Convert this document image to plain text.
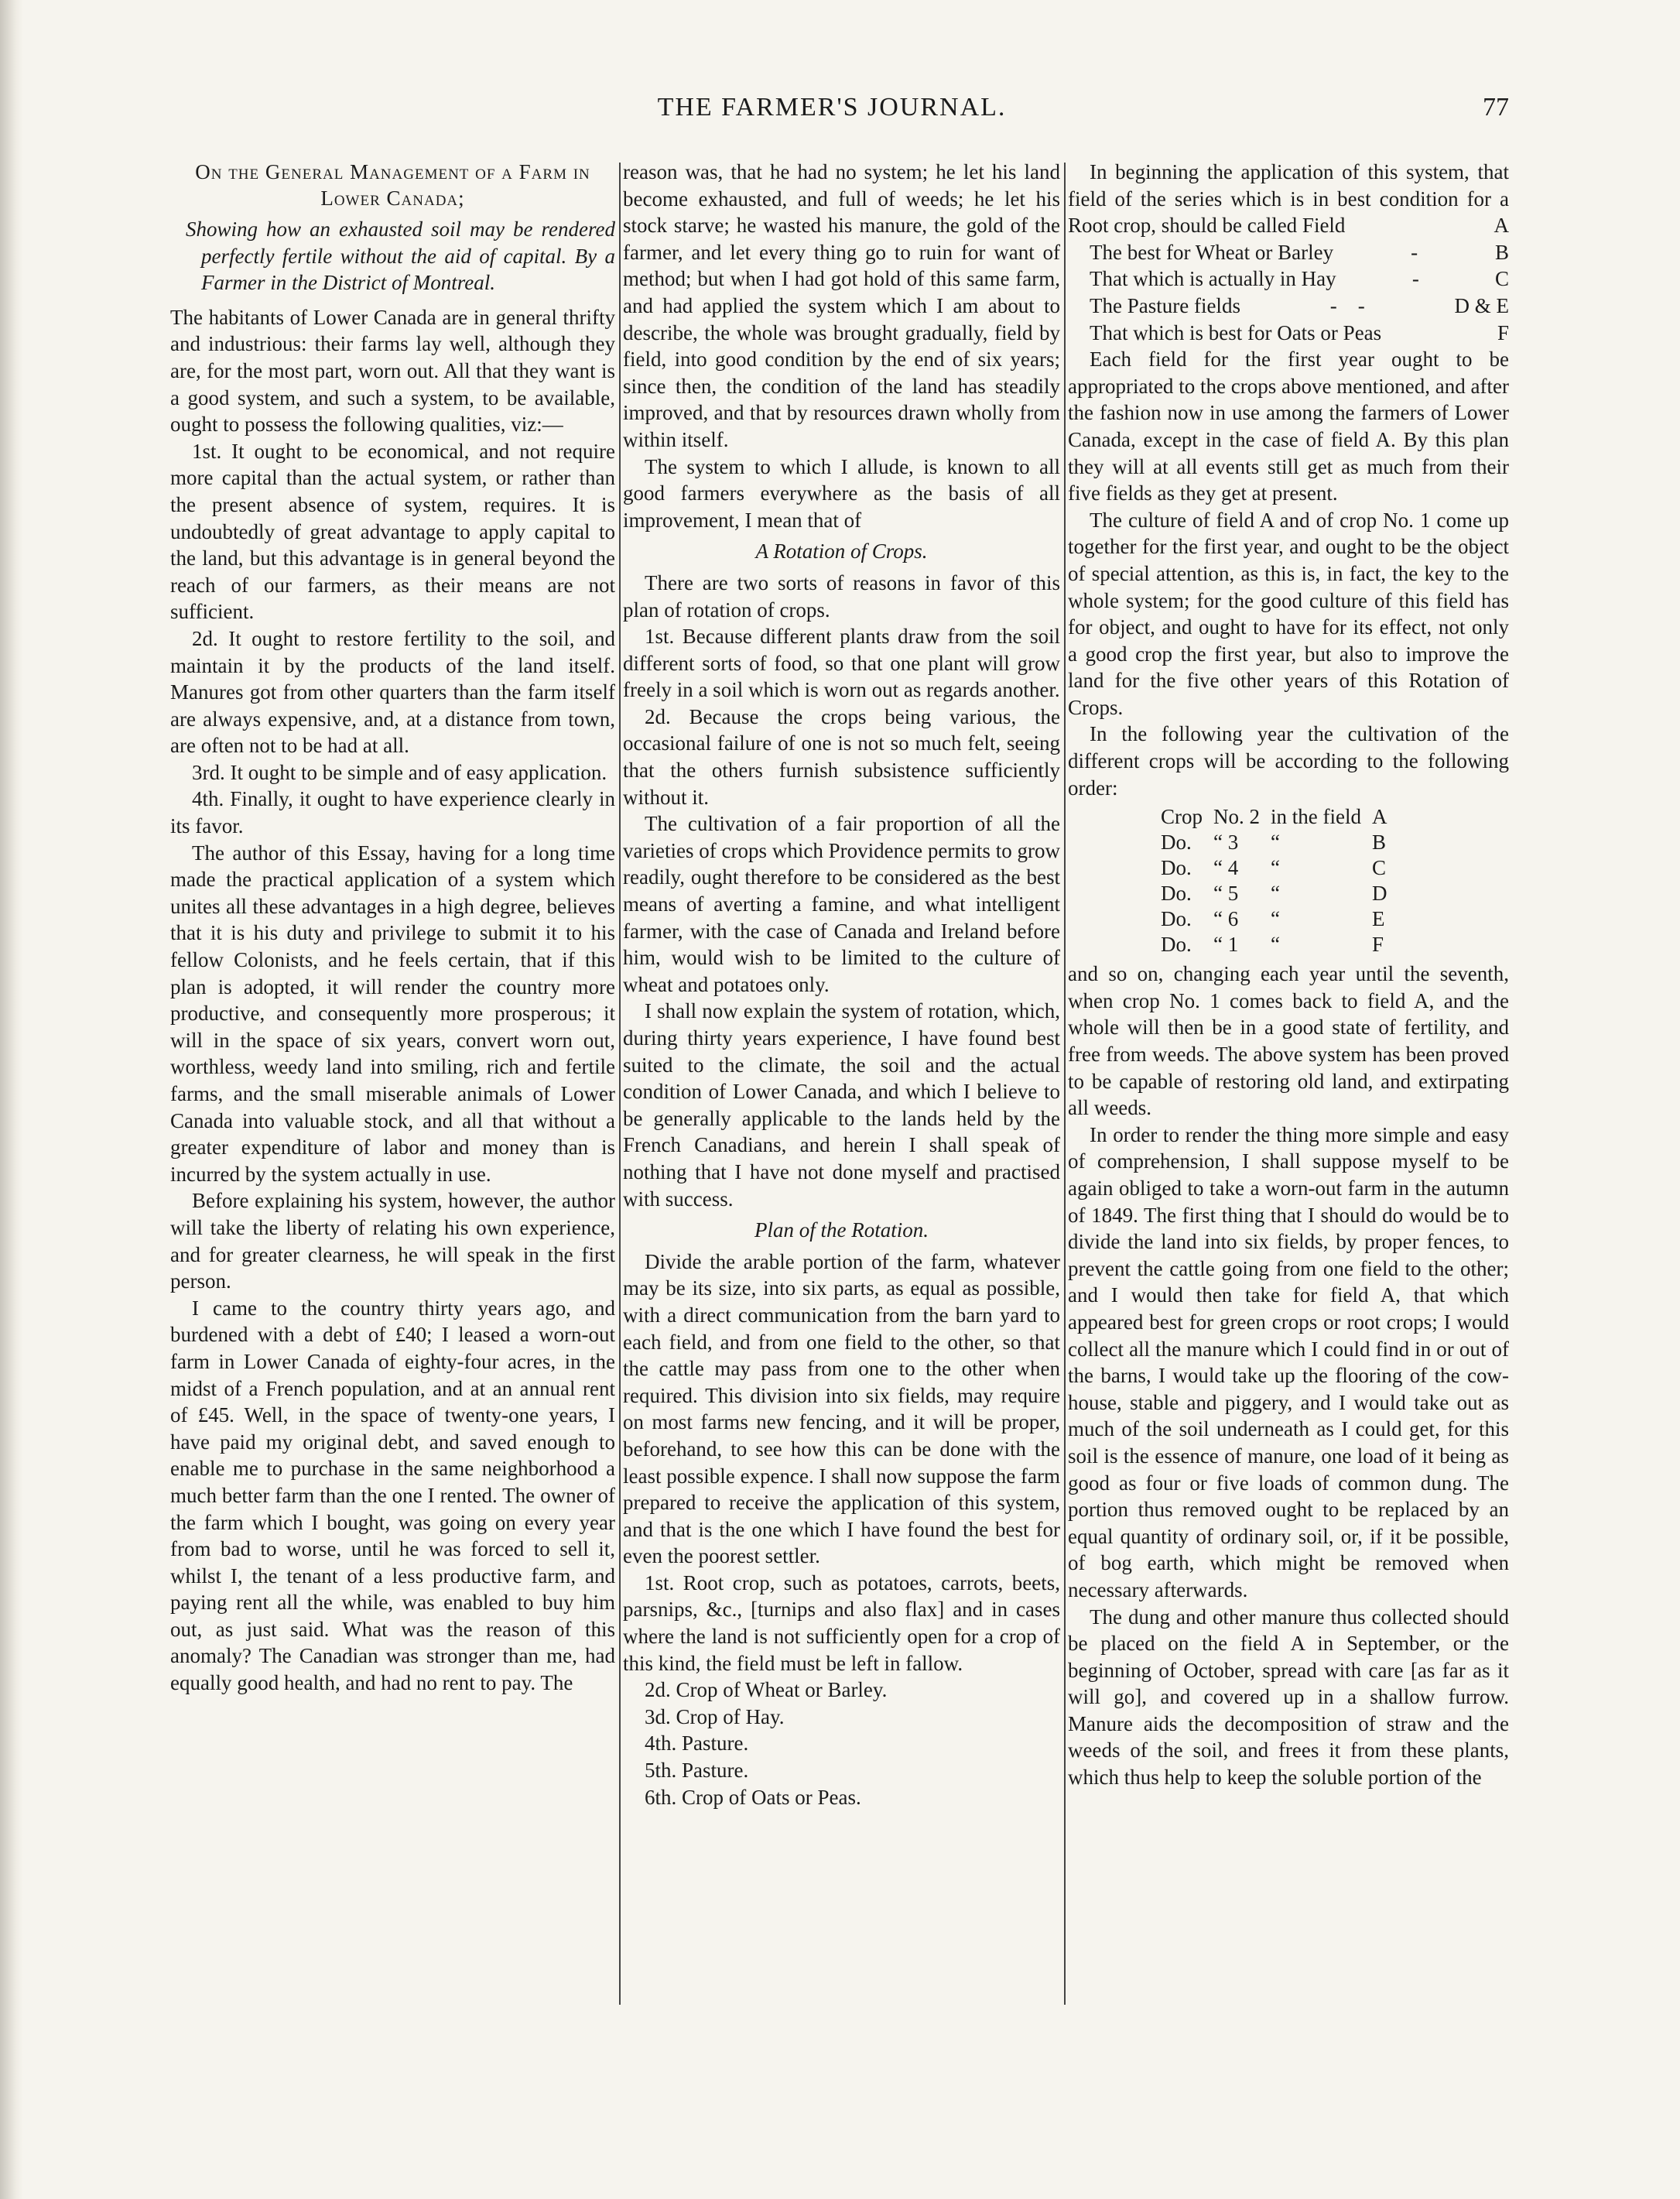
THE FARMER'S JOURNAL.	77

On the General Management of a Farm in Lower Canada;

Showing how an exhausted soil may be rendered perfectly fertile without the aid of capital. By a Farmer in the District of Montreal.

The habitants of Lower Canada are in general thrifty and industrious: their farms lay well, although they are, for the most part, worn out. All that they want is a good system, and such a system, to be available, ought to possess the following qualities, viz:—

1st. It ought to be economical, and not require more capital than the actual system, or rather than the present absence of system, requires. It is undoubtedly of great advantage to apply capital to the land, but this advantage is in general beyond the reach of our farmers, as their means are not sufficient.

2d. It ought to restore fertility to the soil, and maintain it by the products of the land itself. Manures got from other quarters than the farm itself are always expensive, and, at a distance from town, are often not to be had at all.

3rd. It ought to be simple and of easy application.

4th. Finally, it ought to have experience clearly in its favor.

The author of this Essay, having for a long time made the practical application of a system which unites all these advantages in a high degree, believes that it is his duty and privilege to submit it to his fellow Colonists, and he feels certain, that if this plan is adopted, it will render the country more productive, and consequently more prosperous; it will in the space of six years, convert worn out, worthless, weedy land into smiling, rich and fertile farms, and the small miserable animals of Lower Canada into valuable stock, and all that without a greater expenditure of labor and money than is incurred by the system actually in use.

Before explaining his system, however, the author will take the liberty of relating his own experience, and for greater clearness, he will speak in the first person.

I came to the country thirty years ago, and burdened with a debt of £40; I leased a worn-out farm in Lower Canada of eighty-four acres, in the midst of a French population, and at an annual rent of £45. Well, in the space of twenty-one years, I have paid my original debt, and saved enough to enable me to purchase in the same neighborhood a much better farm than the one I rented. The owner of the farm which I bought, was going on every year from bad to worse, until he was forced to sell it, whilst I, the tenant of a less productive farm, and paying rent all the while, was enabled to buy him out, as just said. What was the reason of this anomaly? The Canadian was stronger than me, had equally good health, and had no rent to pay. The

reason was, that he had no system; he let his land become exhausted, and full of weeds; he let his stock starve; he wasted his manure, the gold of the farmer, and let every thing go to ruin for want of method; but when I had got hold of this same farm, and had applied the system which I am about to describe, the whole was brought gradually, field by field, into good condition by the end of six years; since then, the condition of the land has steadily improved, and that by resources drawn wholly from within itself.

The system to which I allude, is known to all good farmers everywhere as the basis of all improvement, I mean that of

A Rotation of Crops.

There are two sorts of reasons in favor of this plan of rotation of crops.

1st. Because different plants draw from the soil different sorts of food, so that one plant will grow freely in a soil which is worn out as regards another.

2d. Because the crops being various, the occasional failure of one is not so much felt, seeing that the others furnish subsistence sufficiently without it.

The cultivation of a fair proportion of all the varieties of crops which Providence permits to grow readily, ought therefore to be considered as the best means of averting a famine, and what intelligent farmer, with the case of Canada and Ireland before him, would wish to be limited to the culture of wheat and potatoes only.

I shall now explain the system of rotation, which, during thirty years experience, I have found best suited to the climate, the soil and the actual condition of Lower Canada, and which I believe to be generally applicable to the lands held by the French Canadians, and herein I shall speak of nothing that I have not done myself and practised with success.

Plan of the Rotation.

Divide the arable portion of the farm, whatever may be its size, into six parts, as equal as possible, with a direct communication from the barn yard to each field, and from one field to the other, so that the cattle may pass from one to the other when required. This division into six fields, may require on most farms new fencing, and it will be proper, beforehand, to see how this can be done with the least possible expence. I shall now suppose the farm prepared to receive the application of this system, and that is the one which I have found the best for even the poorest settler.

1st. Root crop, such as potatoes, carrots, beets, parsnips, &c., [turnips and also flax] and in cases where the land is not sufficiently open for a crop of this kind, the field must be left in fallow.

2d. Crop of Wheat or Barley.

3d. Crop of Hay.

4th. Pasture.

5th. Pasture.

6th. Crop of Oats or Peas.

In beginning the application of this system, that field of the series which is in best condition for a Root crop, should be called Field	A

The best for Wheat or Barley	-	B
That which is actually in Hay	-	C
The Pasture fields	-    -	D & E
That which is best for Oats or Peas	F

Each field for the first year ought to be appropriated to the crops above mentioned, and after the fashion now in use among the farmers of Lower Canada, except in the case of field A. By this plan they will at all events still get as much from their five fields as they get at present.

The culture of field A and of crop No. 1 come up together for the first year, and ought to be the object of special attention, as this is, in fact, the key to the whole system; for the good culture of this field has for object, and ought to have for its effect, not only a good crop the first year, but also to improve the land for the five other years of this Rotation of Crops.

In the following year the cultivation of the different crops will be according to the following order:

Crop	No. 2	in the field	A
Do.	“ 3	“	B
Do.	“ 4	“	C
Do.	“ 5	“	D
Do.	“ 6	“	E
Do.	“ 1	“	F

and so on, changing each year until the seventh, when crop No. 1 comes back to field A, and the whole will then be in a good state of fertility, and free from weeds. The above system has been proved to be capable of restoring old land, and extirpating all weeds.

In order to render the thing more simple and easy of comprehension, I shall suppose myself to be again obliged to take a worn-out farm in the autumn of 1849. The first thing that I should do would be to divide the land into six fields, by proper fences, to prevent the cattle going from one field to the other; and I would then take for field A, that which appeared best for green crops or root crops; I would collect all the manure which I could find in or out of the barns, I would take up the flooring of the cow-house, stable and piggery, and I would take out as much of the soil underneath as I could get, for this soil is the essence of manure, one load of it being as good as four or five loads of common dung. The portion thus removed ought to be replaced by an equal quantity of ordinary soil, or, if it be possible, of bog earth, which might be removed when necessary afterwards.

The dung and other manure thus collected should be placed on the field A in September, or the beginning of October, spread with care [as far as it will go], and covered up in a shallow furrow. Manure aids the decomposition of straw and the weeds of the soil, and frees it from these plants, which thus help to keep the soluble portion of the
